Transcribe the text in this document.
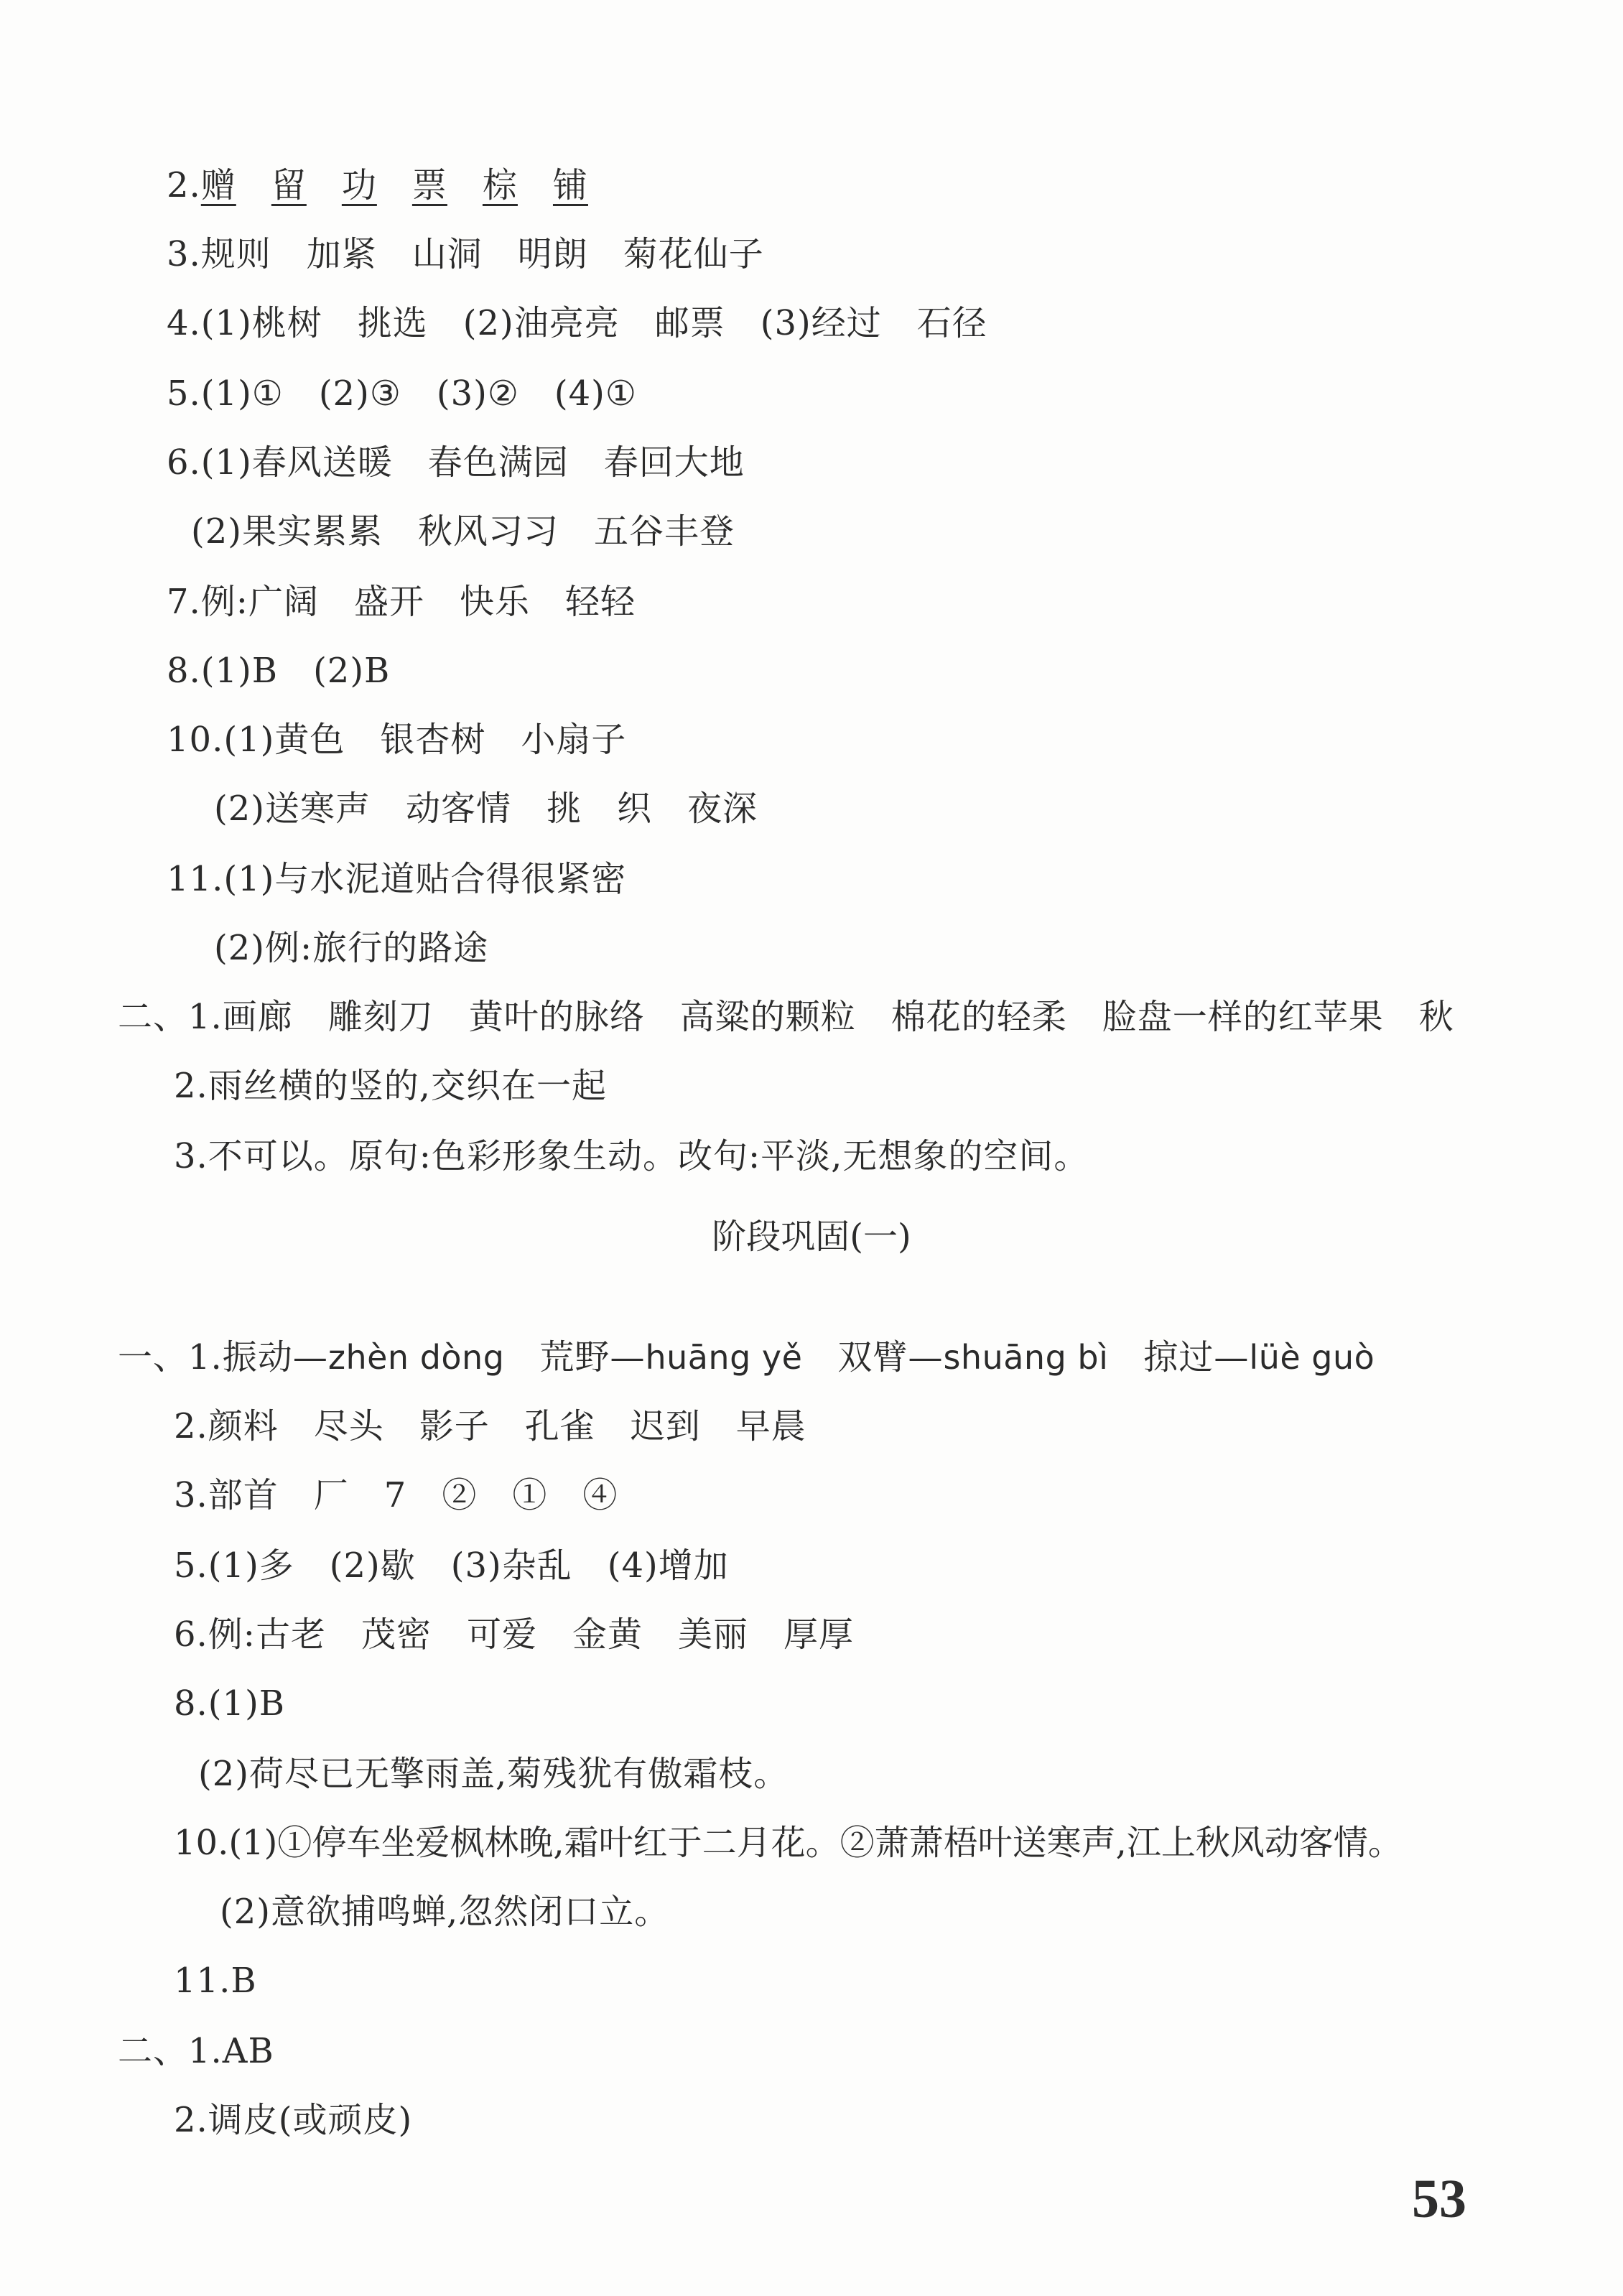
2.赠　 留　 功　 票　 棕　 铺

3.规则　加紧　山洞　明朗　菊花仙子

4.(1)桃树　挑选　(2)油亮亮　邮票　(3)经过　石径

5.(1)①　(2)③　(3)②　(4)①

6.(1)春风送暖　春色满园　春回大地

(2)果实累累　秋风习习　五谷丰登

7.例:广阔　盛开　快乐　轻轻

8.(1)B　(2)B

10.(1)黄色　银杏树　小扇子

(2)送寒声　动客情　挑　织　夜深

11.(1)与水泥道贴合得很紧密

(2)例:旅行的路途

二、1.画廊　雕刻刀　黄叶的脉络　高粱的颗粒　棉花的轻柔　脸盘一样的红苹果　秋

2.雨丝横的竖的,交织在一起

3.不可以。原句:色彩形象生动。改句:平淡,无想象的空间。

阶段巩固(一)

一、1.振动—zhèn dòng　 荒野—huāng yě　 双臂—shuāng bì　 掠过—lüè guò

2.颜料　尽头　影子　孔雀　迟到　早晨

3.部首　厂　7　②　①　④

5.(1)多　(2)歇　(3)杂乱　(4)增加

6.例:古老　茂密　可爱　金黄　美丽　厚厚

8.(1)B

(2)荷尽已无擎雨盖,菊残犹有傲霜枝。

10.(1)①停车坐爱枫林晚,霜叶红于二月花。②萧萧梧叶送寒声,江上秋风动客情。

(2)意欲捕鸣蝉,忽然闭口立。

11.B

二、1.AB

2.调皮(或顽皮)

53
